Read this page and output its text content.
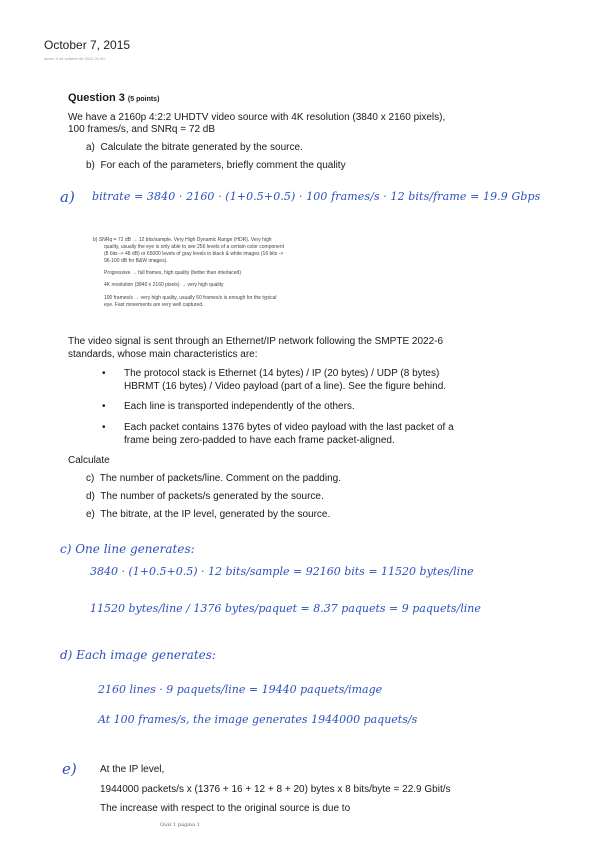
October 7, 2015
lunes, 3 de octubre de 2022 21:40
Question 3 (5 points)
We have a 2160p 4:2:2 UHDTV video source with 4K resolution (3840 x 2160 pixels),
100 frames/s, and SNRq = 72 dB
a) Calculate the bitrate generated by the source.
b) For each of the parameters, briefly comment the quality
a) bitrate = 3840 · 2160 · (1+0.5+0.5) · 100 frames/s · 12 bits/frame = 19.9 Gbps
b) SNRq = 72 dB → 12 bits/sample. Very High Dynamic Range (HDR). Very high
quality, usually the eye is only able to see 256 levels of a certain color component
(8 bits -> 48 dB) or 65000 levels of gray levels in black & white images (16 bits ->
96-100 dB for B&W images).
Progressive → full frames, high quality (better than interlaced)
4K resolution (3840 x 2160 pixels) → very high quality
100 frames/s → very high quality, usually 50 frames/s is enough for the typical
eye. Fast movements are very well captured.
The video signal is sent through an Ethernet/IP network following the SMPTE 2022-6
standards, whose main characteristics are:
• The protocol stack is Ethernet (14 bytes) / IP (20 bytes) / UDP (8 bytes)
HBRMT (16 bytes) / Video payload (part of a line). See the figure behind.
• Each line is transported independently of the others.
• Each packet contains 1376 bytes of video payload with the last packet of a
frame being zero-padded to have each frame packet-aligned.
Calculate
c) The number of packets/line. Comment on the padding.
d) The number of packets/s generated by the source.
e) The bitrate, at the IP level, generated by the source.
c) One line generates:
3840 · (1+0.5+0.5) · 12 bits/sample = 92160 bits = 11520 bytes/line
11520 bytes/line / 1376 bytes/paquet = 8.37 paquets = 9 paquets/line
d) Each image generates:
2160 lines · 9 paquets/line = 19440 paquets/image
At 100 frames/s, the image generates 1944000 paquets/s
e) At the IP level,
1944000 packets/s x (1376 + 16 + 12 + 8 + 20) bytes x 8 bits/byte = 22.9 Gbit/s
The increase with respect to the original source is due to
Quiz 1 página 1
